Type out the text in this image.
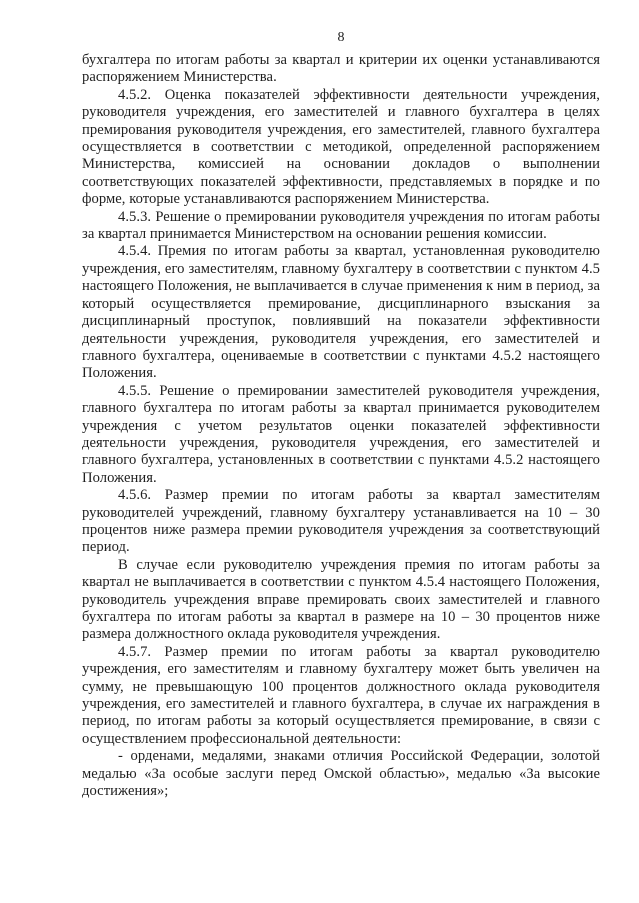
8

бухгалтера по итогам работы за квартал и критерии их оценки устанавливаются распоряжением Министерства.

4.5.2. Оценка показателей эффективности деятельности учреждения, руководителя учреждения, его заместителей и главного бухгалтера в целях премирования руководителя учреждения, его заместителей, главного бухгалтера осуществляется в соответствии с методикой, определенной распоряжением Министерства, комиссией на основании докладов о выполнении соответствующих показателей эффективности, представляемых в порядке и по форме, которые устанавливаются распоряжением Министерства.

4.5.3. Решение о премировании руководителя учреждения по итогам работы за квартал принимается Министерством на основании решения комиссии.

4.5.4. Премия по итогам работы за квартал, установленная руководителю учреждения, его заместителям, главному бухгалтеру в соответствии с пунктом 4.5 настоящего Положения, не выплачивается в случае применения к ним в период, за который осуществляется премирование, дисциплинарного взыскания за дисциплинарный проступок, повлиявший на показатели эффективности деятельности учреждения, руководителя учреждения, его заместителей и главного бухгалтера, оцениваемые в соответствии с пунктами 4.5.2 настоящего Положения.

4.5.5. Решение о премировании заместителей руководителя учреждения, главного бухгалтера по итогам работы за квартал принимается руководителем учреждения с учетом результатов оценки показателей эффективности деятельности учреждения, руководителя учреждения, его заместителей и главного бухгалтера, установленных в соответствии с пунктами 4.5.2 настоящего Положения.

4.5.6. Размер премии по итогам работы за квартал заместителям руководителей учреждений, главному бухгалтеру устанавливается на 10 – 30 процентов ниже размера премии руководителя учреждения за соответствующий период.

В случае если руководителю учреждения премия по итогам работы за квартал не выплачивается в соответствии с пунктом 4.5.4 настоящего Положения, руководитель учреждения вправе премировать своих заместителей и главного бухгалтера по итогам работы за квартал в размере на 10 – 30 процентов ниже размера должностного оклада руководителя учреждения.

4.5.7. Размер премии по итогам работы за квартал руководителю учреждения, его заместителям и главному бухгалтеру может быть увеличен на сумму, не превышающую 100 процентов должностного оклада руководителя учреждения, его заместителей и главного бухгалтера, в случае их награждения в период, по итогам работы за который осуществляется премирование, в связи с осуществлением профессиональной деятельности:

- орденами, медалями, знаками отличия Российской Федерации, золотой медалью «За особые заслуги перед Омской областью», медалью «За высокие достижения»;
